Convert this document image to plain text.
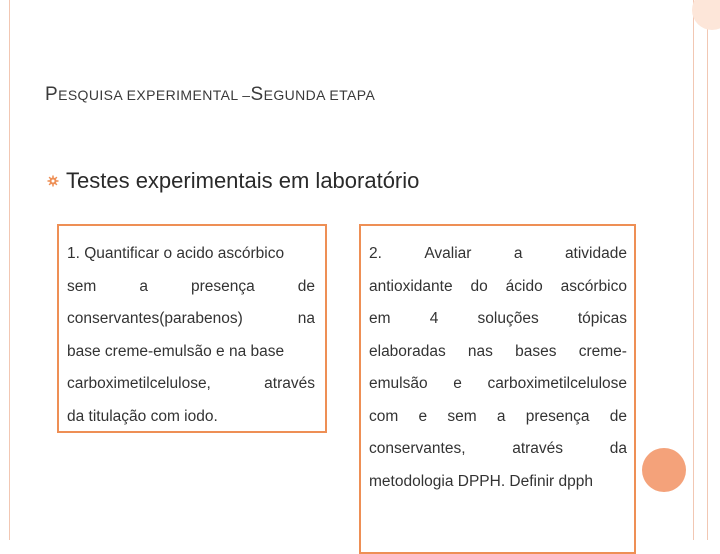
PESQUISA EXPERIMENTAL –SEGUNDA ETAPA
Testes experimentais em laboratório
1. Quantificar o acido ascórbico
sem	a	presença	de
conservantes(parabenos)	na
base creme-emulsão e na base
carboximetilcelulose,	através
da titulação com iodo.
2.	Avaliar	a	atividade
antioxidante do ácido ascórbico
em	4	soluções	tópicas
elaboradas nas bases creme-
emulsão e carboximetilcelulose
com e sem a presença de
conservantes,	através	da
metodologia DPPH. Definir dpph
